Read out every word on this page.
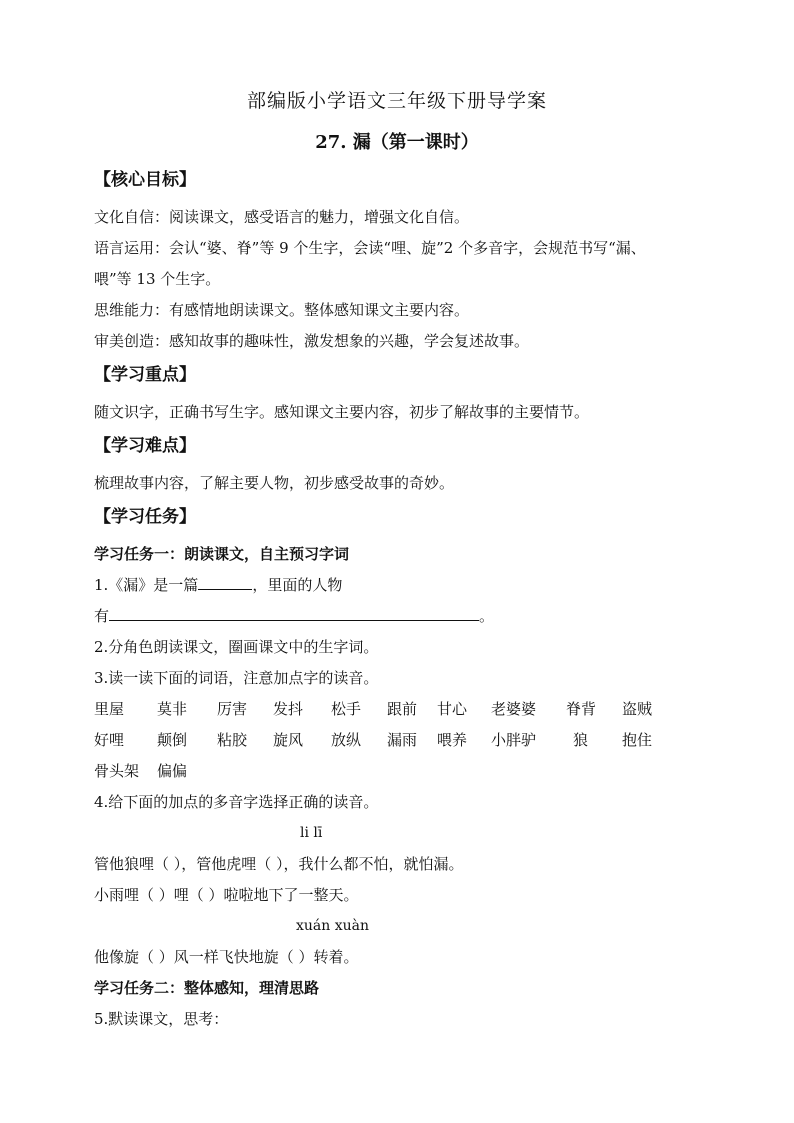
部编版小学语文三年级下册导学案
27. 漏（第一课时）
【核心目标】

文化自信：阅读课文，感受语言的魅力，增强文化自信。

语言运用：会认“婆、脊”等 9 个生字，会读“哩、旋”2 个多音字，会规范书写“漏、

喂”等 13 个生字。

思维能力：有感情地朗读课文。整体感知课文主要内容。

审美创造：感知故事的趣味性，激发想象的兴趣，学会复述故事。

【学习重点】

随文识字，正确书写生字。感知课文主要内容，初步了解故事的主要情节。

【学习难点】

梳理故事内容，了解主要人物，初步感受故事的奇妙。

【学习任务】

学习任务一：朗读课文，自主预习字词

1.《漏》是一篇	，里面的人物

有	。

2.分角色朗读课文，圈画课文中的生字词。

3.读一读下面的词语，注意加点字的读音。

里屋	莫非	厉害	发抖	松手	跟前	甘心	老婆婆	脊背	盗贼
好哩	颠倒	粘胶	旋风	放纵	漏雨	喂养	小胖驴	狼	抱住
骨头架	偏偏

4.给下面的加点的多音字选择正确的读音。

li lī

管他狼哩（ ），管他虎哩（ ），我什么都不怕，就怕漏。

小雨哩（ ）哩（ ）啦啦地下了一整天。

xuán xuàn

他像旋（ ）风一样飞快地旋（ ）转着。

学习任务二：整体感知，理清思路

5.默读课文，思考：
